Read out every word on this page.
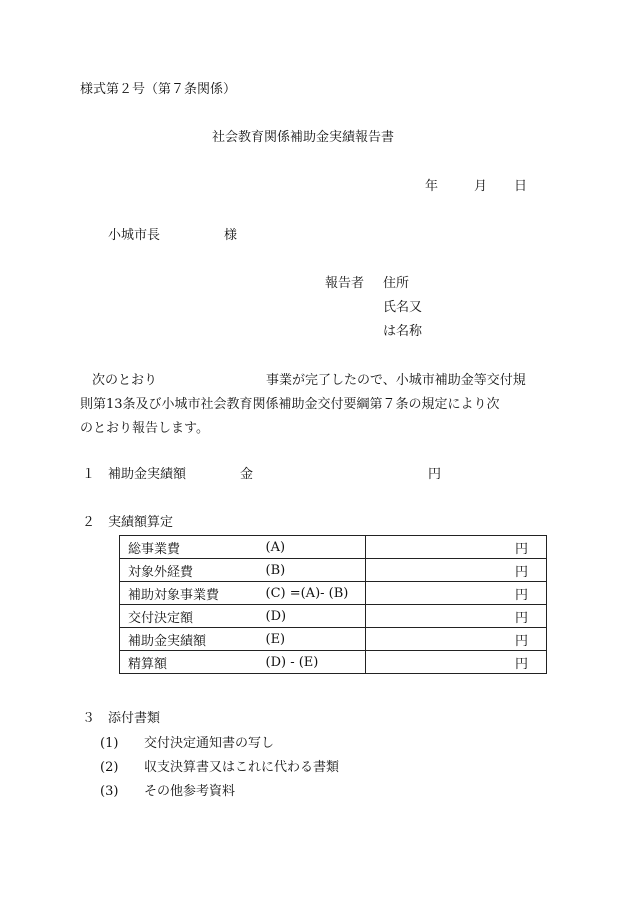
様式第２号（第７条関係）
社会教育関係補助金実績報告書
年	月 日
小城市長	様
報告者 住所
氏名又
は名称
次のとおり	事業が完了したので、小城市補助金等交付規
則第13条及び小城市社会教育関係補助金交付要綱第７条の規定により次
のとおり報告します。
１ 補助金実績額	金	円
２ 実績額算定
総事業費	(A)	円
対象外経費	(B)	円
補助対象事業費	(C) =(A)- (B)	円
交付決定額	(D)	円
補助金実績額	(E)	円
精算額	(D) - (E)	円
３ 添付書類
(1) 交付決定通知書の写し
(2) 収支決算書又はこれに代わる書類
(3) その他参考資料
